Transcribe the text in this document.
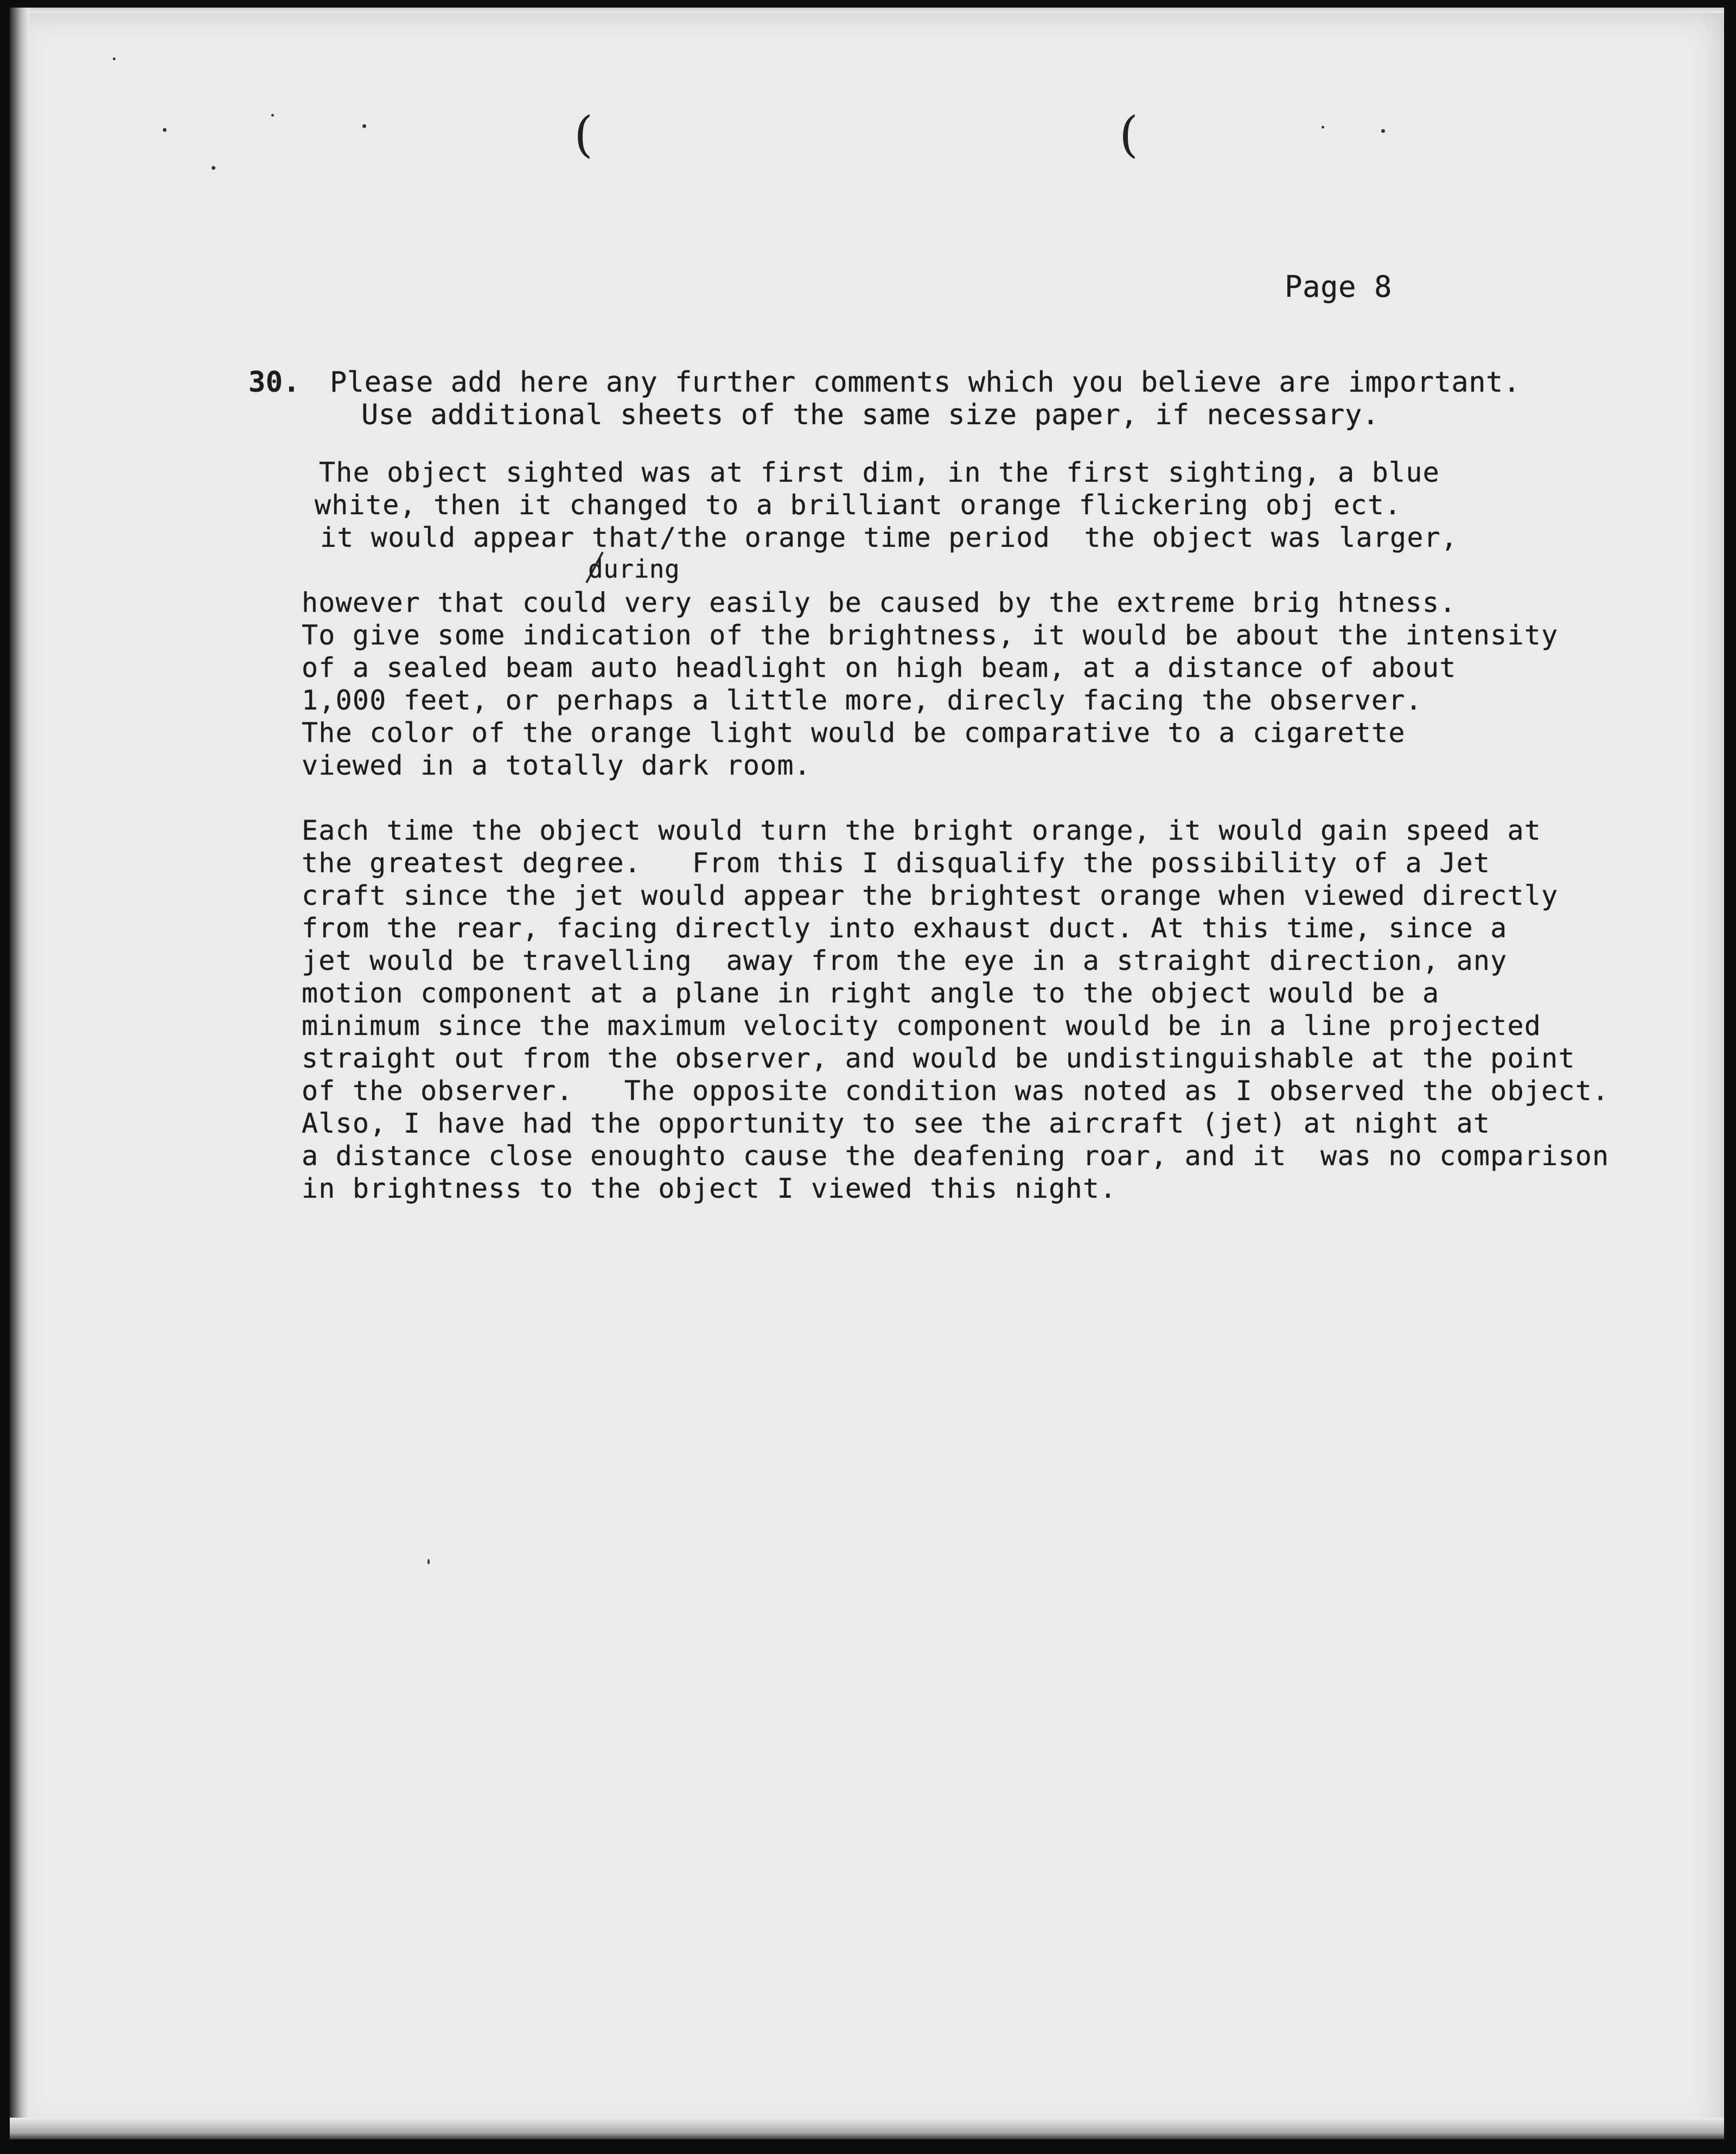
(	(
Page 8
30. Please add here any further comments which you believe are important.
Use additional sheets of the same size paper, if necessary.
The object sighted was at first dim, in the first sighting, a blue
white, then it changed to a brilliant orange flickering obj ect.
it would appear that/the orange time period  the object was larger,
during
however that could very easily be caused by the extreme brig htness.
To give some indication of the brightness, it would be about the intensity
of a sealed beam auto headlight on high beam, at a distance of about
1,000 feet, or perhaps a little more, direcly facing the observer.
The color of the orange light would be comparative to a cigarette
viewed in a totally dark room.
Each time the object would turn the bright orange, it would gain speed at
the greatest degree.   From this I disqualify the possibility of a Jet
craft since the jet would appear the brightest orange when viewed directly
from the rear, facing directly into exhaust duct. At this time, since a
jet would be travelling  away from the eye in a straight direction, any
motion component at a plane in right angle to the object would be a
minimum since the maximum velocity component would be in a line projected
straight out from the observer, and would be undistinguishable at the point
of the observer.   The opposite condition was noted as I observed the object.
Also, I have had the opportunity to see the aircraft (jet) at night at
a distance close enoughto cause the deafening roar, and it  was no comparison
in brightness to the object I viewed this night.
